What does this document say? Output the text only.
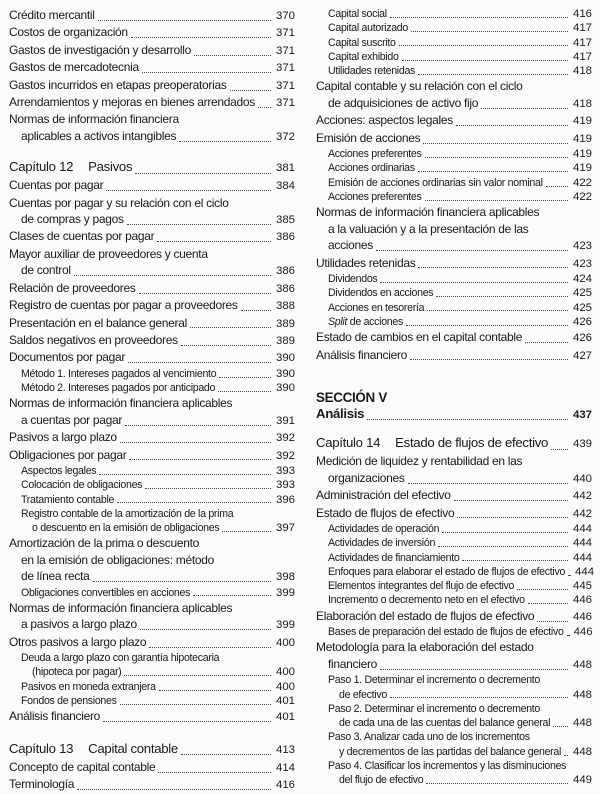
Crédito mercantil	370
Costos de organización	371
Gastos de investigación y desarrollo	371
Gastos de mercadotecnia	371
Gastos incurridos en etapas preoperatorias	371
Arrendamientos y mejoras en bienes arrendados 371
Normas de información financiera
aplicables a activos intangibles	372
Capítulo 12 Pasivos	381
Cuentas por pagar	384
Cuentas por pagar y su relación con el ciclo
de compras y pagos	385
Clases de cuentas por pagar	386
Mayor auxiliar de proveedores y cuenta
de control	386
Relación de proveedores	386
Registro de cuentas por pagar a proveedores	388
Presentación en el balance general	389
Saldos negativos en proveedores	389
Documentos por pagar	390
Método 1. Intereses pagados al vencimiento	390
Método 2. Intereses pagados por anticipado	390
Normas de información financiera aplicables
a cuentas por pagar	391
Pasivos a largo plazo	392
Obligaciones por pagar	392
Aspectos legales	393
Colocación de obligaciones	393
Tratamiento contable	396
Registro contable de la amortización de la prima
o descuento en la emisión de obligaciones	397
Amortización de la prima o descuento
en la emisión de obligaciones: método
de línea recta	398
Obligaciones convertibles en acciones	399
Normas de información financiera aplicables
a pasivos a largo plazo	399
Otros pasivos a largo plazo	400
Deuda a largo plazo con garantía hipotecaria
(hipoteca por pagar)	400
Pasivos en moneda extranjera	400
Fondos de pensiones	401
Análisis financiero	401
Capítulo 13 Capital contable	413
Concepto de capital contable	414
Terminología	416
Capital social	416
Capital autorizado	417
Capital suscrito	417
Capital exhibido	417
Utilidades retenidas	418
Capital contable y su relación con el ciclo
de adquisiciones de activo fijo	418
Acciones: aspectos legales	419
Emisión de acciones	419
Acciones preferentes	419
Acciones ordinarias	419
Emisión de acciones ordinarias sin valor nominal	422
Acciones preferentes	422
Normas de información financiera aplicables
a la valuación y a la presentación de las
acciones	423
Utilidades retenidas	423
Dividendos	424
Dividendos en acciones	425
Acciones en tesorería	425
Split de acciones	426
Estado de cambios en el capital contable	426
Análisis financiero	427
SECCIÓN V
Análisis	437
Capítulo 14 Estado de flujos de efectivo 439
Medición de liquidez y rentabilidad en las
organizaciones	440
Administración del efectivo	442
Estado de flujos de efectivo	442
Actividades de operación	444
Actividades de inversión	444
Actividades de financiamiento	444
Enfoques para elaborar el estado de flujos de efectivo 444
Elementos integrantes del flujo de efectivo	445
Incremento o decremento neto en el efectivo	446
Elaboración del estado de flujos de efectivo	446
Bases de preparación del estado de flujos de efectivo 446
Metodología para la elaboración del estado
financiero	448
Paso 1. Determinar el incremento o decremento
de efectivo	448
Paso 2. Determinar el incremento o decremento
de cada una de las cuentas del balance general 448
Paso 3. Analizar cada uno de los incrementos
y decrementos de las partidas del balance general 448
Paso 4. Clasificar los incrementos y las disminuciones
del flujo de efectivo	449
